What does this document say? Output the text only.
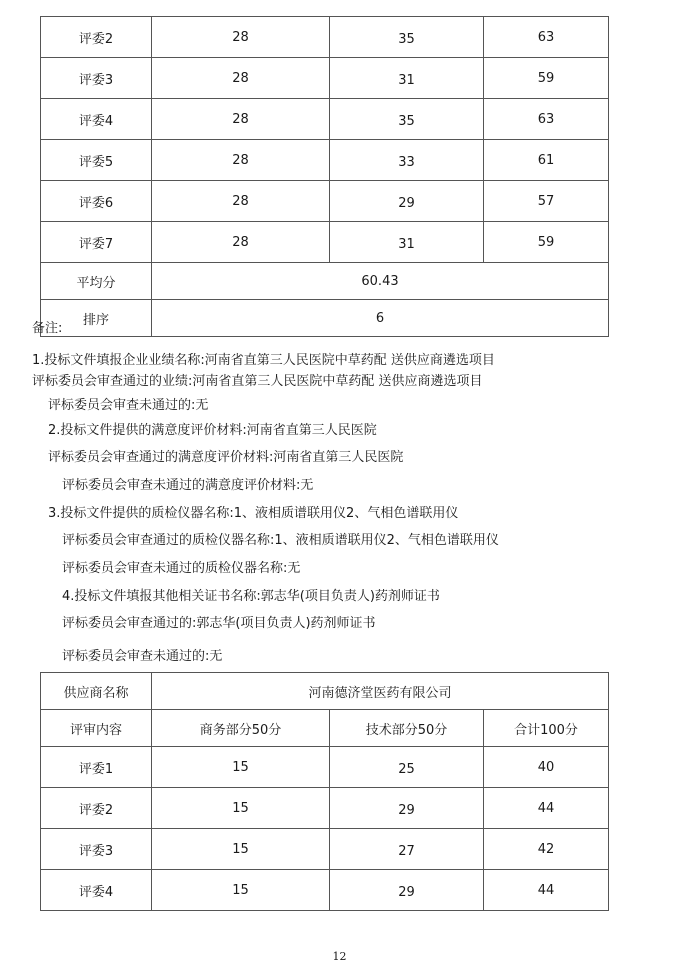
评委2	28	35	63
评委3	28	31	59
评委4	28	35	63
评委5	28	33	61
评委6	28	29	57
评委7	28	31	59
平均分	60.43		
排序	6		
备注:
1.投标文件填报企业业绩名称:河南省直第三人民医院中草药配 送供应商遴选项目
评标委员会审查通过的业绩:河南省直第三人民医院中草药配 送供应商遴选项目
评标委员会审查未通过的:无
2.投标文件提供的满意度评价材料:河南省直第三人民医院
评标委员会审查通过的满意度评价材料:河南省直第三人民医院
评标委员会审查未通过的满意度评价材料:无
3.投标文件提供的质检仪器名称:1、液相质谱联用仪2、气相色谱联用仪
评标委员会审查通过的质检仪器名称:1、液相质谱联用仪2、气相色谱联用仪
评标委员会审查未通过的质检仪器名称:无
4.投标文件填报其他相关证书名称:郭志华(项目负责人)药剂师证书
评标委员会审查通过的:郭志华(项目负责人)药剂师证书
评标委员会审查未通过的:无
供应商名称	河南德济堂医药有限公司		
评审内容	商务部分50分	技术部分50分	合计100分
评委1	15	25	40
评委2	15	29	44
评委3	15	27	42
评委4	15	29	44
12
